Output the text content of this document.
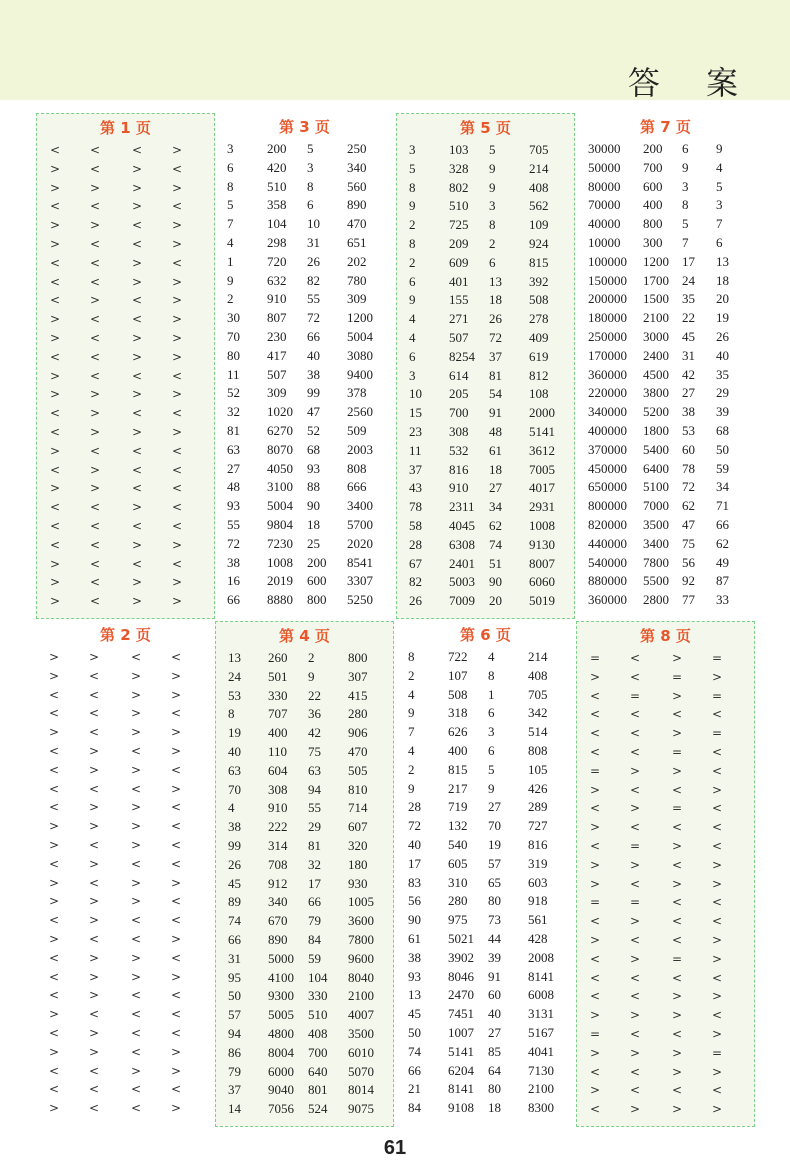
答 案
第 1 页
< <	< >
> <	> <
> >	> >
< <	> <
> >	< >
> <	< >
< <	> <
< <	> >
< >	< >
> <	< >
> <	> >
< <	> >
> <	< <
> >	> >
< >	< <
< >	> >
> <	< <
< >	< <
> >	< <
< <	> <
< <	< <
< <	> >
> <	< <
> <	> >
> <	> >
第 3 页
3	200 5	250
6	420 3	340
8	510 8	560
5	358 6	890
7	104 10 470
4	298 31 651
1	720 26 202
9	632 82 780
2	910 55 309
30 807 72 1200
70 230 66 5004
80 417 40 3080
11 507 38 9400
52 309 99 378
32 1020 47 2560
81 6270 52 509
63 8070 68 2003
27 4050 93 808
48 3100 88 666
93 5004 90 3400
55 9804 18 5700
72 7230 25 2020
38 1008 200 8541
16 2019 600 3307
66 8880 800 5250
第 5 页
3	103 5	705
5	328 9	214
8	802 9	408
9	510 3	562
2	725 8	109
8	209 2	924
2	609 6	815
6	401 13 392
9	155 18 508
4	271 26 278
4	507 72 409
6	8254 37 619
3	614 81 812
10 205 54 108
15 700 91 2000
23 308 48 5141
11 532 61 3612
37 816 18 7005
43 910 27 4017
78 2311 34 2931
58 4045 62 1008
28 6308 74 9130
67 2401 51 8007
82 5003 90 6060
26 7009 20 5019
第 7 页
30000 200 6 9
50000 700 9 4
80000 600 3 5
70000 400 8 3
40000 800 5 7
10000 300 7 6
100000 1200 17 13
150000 1700 24 18
200000 1500 35 20
180000 2100 22 19
250000 3000 45 26
170000 2400 31 40
360000 4500 42 35
220000 3800 27 29
340000 5200 38 39
400000 1800 53 68
370000 5400 60 50
450000 6400 78 59
650000 5100 72 34
800000 7000 62 71
820000 3500 47 66
440000 3400 75 62
540000 7800 56 49
880000 5500 92 87
360000 2800 77 33
第 2 页
> >	< <
> <	> >
< <	> >
< <	> <
> <	> >
< >	< >
< >	> <
< <	< >
< >	> <
> >	> <
> <	> <
< >	< <
> <	> >
> >	> <
< >	< <
> <	< >
< >	> <
< >	> >
< >	< <
> <	< <
< >	< <
> >	< >
< <	> >
< <	< <
> <	< >
第 4 页
13 260 2	800
24 501 9	307
53 330 22 415
8	707 36 280
19 400 42 906
40 110 75 470
63 604 63 505
70 308 94 810
4	910 55 714
38 222 29 607
99 314 81 320
26 708 32 180
45 912 17 930
89 340 66 1005
74 670 79 3600
66 890 84 7800
31 5000 59 9600
95 4100 104 8040
50 9300 330 2100
57 5005 510 4007
94 4800 408 3500
86 8004 700 6010
79 6000 640 5070
37 9040 801 8014
14 7056 524 9075
第 6 页
8	722 4	214
2	107 8	408
4	508 1	705
9	318 6	342
7	626 3	514
4	400 6	808
2	815 5	105
9	217 9	426
28 719 27 289
72 132 70 727
40 540 19 816
17 605 57 319
83 310 65 603
56 280 80 918
90 975 73 561
61 5021 44 428
38 3902 39 2008
93 8046 91 8141
13 2470 60 6008
45 7451 40 3131
50 1007 27 5167
74 5141 85 4041
66 6204 64 7130
21 8141 80 2100
84 9108 18 8300
第 8 页
= <	> =
> <	= >
< =	> =
< <	< <
< <	> =
< <	= <
= >	> <
> <	< >
< >	= <
> <	< <
< =	> <
> >	< >
> <	> >
= =	< <
< >	< <
> <	< >
< >	= >
< <	< <
< <	> >
> >	> <
= <	< >
> >	> =
< <	> >
> <	< <
< >	> >
61
